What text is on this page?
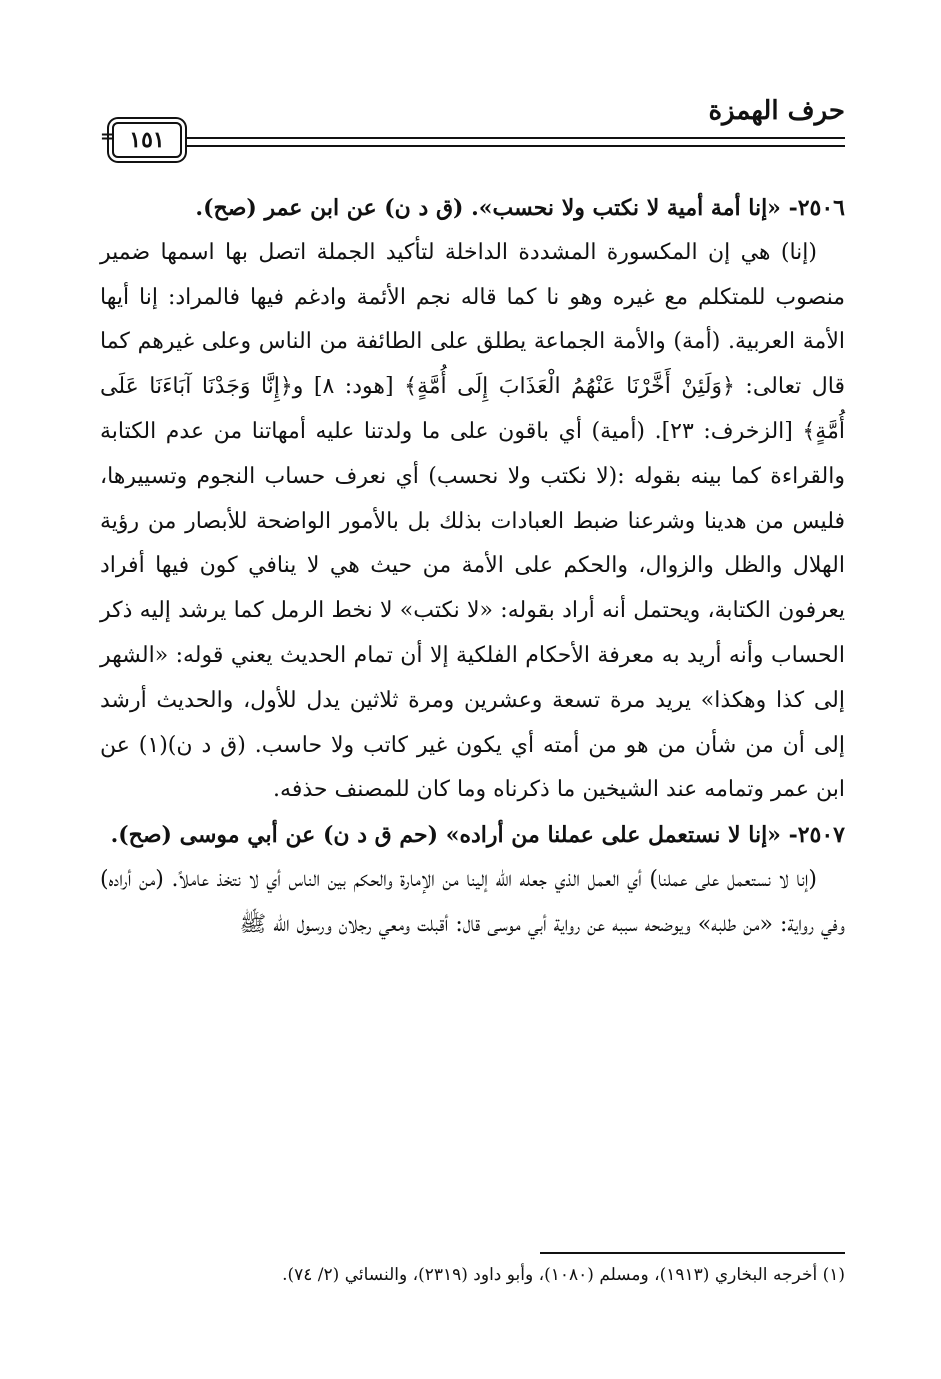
حرف الهمزة
١٥١
=

٢٥٠٦- «إنا أمة أمية لا نكتب ولا نحسب». (ق د ن) عن ابن عمر (صح).

(إنا) هي إن المكسورة المشددة الداخلة لتأكيد الجملة اتصل بها اسمها ضمير منصوب للمتكلم مع غيره وهو نا كما قاله نجم الأئمة وادغم فيها فالمراد: إنا أيها الأمة العربية. (أمة) والأمة الجماعة يطلق على الطائفة من الناس وعلى غيرهم كما قال تعالى: ﴿وَلَئِنْ أَخَّرْنَا عَنْهُمُ الْعَذَابَ إِلَى أُمَّةٍ﴾ [هود: ٨] و﴿إِنَّا وَجَدْنَا آبَاءَنَا عَلَى أُمَّةٍ﴾ [الزخرف: ٢٣]. (أمية) أي باقون على ما ولدتنا عليه أمهاتنا من عدم الكتابة والقراءة كما بينه بقوله :(لا نكتب ولا نحسب) أي نعرف حساب النجوم وتسييرها، فليس من هدينا وشرعنا ضبط العبادات بذلك بل بالأمور الواضحة للأبصار من رؤية الهلال والظل والزوال، والحكم على الأمة من حيث هي لا ينافي كون فيها أفراد يعرفون الكتابة، ويحتمل أنه أراد بقوله: «لا نكتب» لا نخط الرمل كما يرشد إليه ذكر الحساب وأنه أريد به معرفة الأحكام الفلكية إلا أن تمام الحديث يعني قوله: «الشهر إلى كذا وهكذا» يريد مرة تسعة وعشرين ومرة ثلاثين يدل للأول، والحديث أرشد إلى أن من شأن من هو من أمته أي يكون غير كاتب ولا حاسب. (ق د ن)(١) عن ابن عمر وتمامه عند الشيخين ما ذكرناه وما كان للمصنف حذفه.

٢٥٠٧- «إنا لا نستعمل على عملنا من أراده» (حم ق د ن) عن أبي موسى (صح).

(إنا لا نستعمل على عملنا) أي العمل الذي جعله الله إلينا من الإمارة والحكم بين الناس أي لا نتخذ عاملاً. (من أراده) وفي رواية: «من طلبه» ويوضحه سببه عن رواية أبي موسى قال: أقبلت ومعي رجلان ورسول الله ﷺ

(١) أخرجه البخاري (١٩١٣)، ومسلم (١٠٨٠)، وأبو داود (٢٣١٩)، والنسائي (٢/ ٧٤).
